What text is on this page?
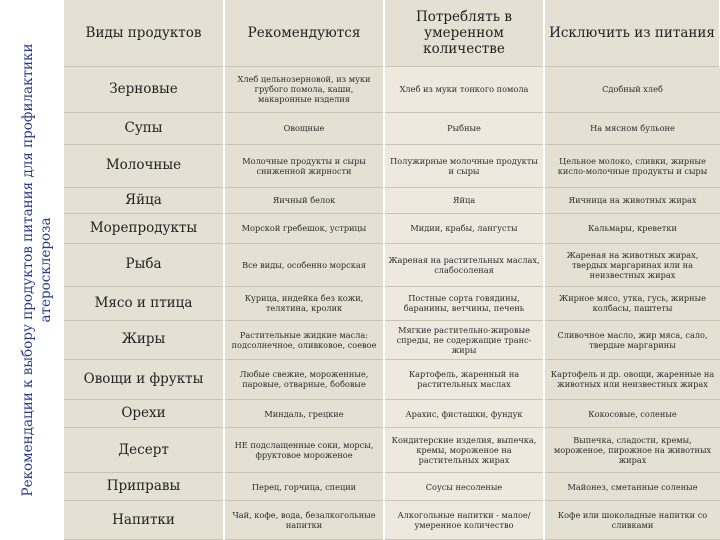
Рекомендации к выбору продуктов питания для профилактики атеросклероза
Виды продуктов	Рекомендуются	Потреблять в умеренном количестве	Исключить из питания
Зерновые	Хлеб цельнозерновой, из муки грубого помола, каши, макаронные изделия	Хлеб из муки тонкого помола	Сдобный хлеб
Супы	Овощные	Рыбные	На мясном бульоне
Молочные	Молочные продукты и сыры сниженной жирности	Полужирные молочные продукты и сыры	Цельное молоко, сливки, жирные кисло-молочные продукты и сыры
Яйца	Яичный белок	Яйца	Яичница на животных жирах
Морепродукты	Морской гребешок, устрицы	Мидии, крабы, лангусты	Кальмары, креветки
Рыба	Все виды, особенно морская	Жареная на растительных маслах, слабосоленая	Жареная на животных жирах, твердых маргаринах или на неизвестных жирах
Мясо и птица	Курица, индейка без кожи, телятина, кролик	Постные сорта говядины, баранины, ветчины, печень	Жирное мясо, утка, гусь, жирные колбасы, паштеты
Жиры	Растительные жидкие масла: подсолнечное, оливковое, соевое	Мягкие растительно-жировые спреды, не содержащие транс-жиры	Сливочное масло, жир мяса, сало, твердые маргарины
Овощи и фрукты	Любые свежие, мороженные, паровые, отварные, бобовые	Картофель, жаренный на растительных маслах	Картофель и др. овощи, жаренные на животных или неизвестных жирах
Орехи	Миндаль, грецкие	Арахис, фисташки, фундук	Кокосовые, соленые
Десерт	НЕ подслащенные соки, морсы, фруктовое мороженое	Кондитерские изделия, выпечка, кремы, мороженое на растительных жирах	Выпечка, сладости, кремы, мороженое, пирожное на животных жирах
Приправы	Перец, горчица, специи	Соусы несоленые	Майонез, сметанные соленые
Напитки	Чай, кофе, вода, безалкогольные напитки	Алкогольные напитки - малое/умеренное количество	Кофе или шоколадные напитки со сливками
